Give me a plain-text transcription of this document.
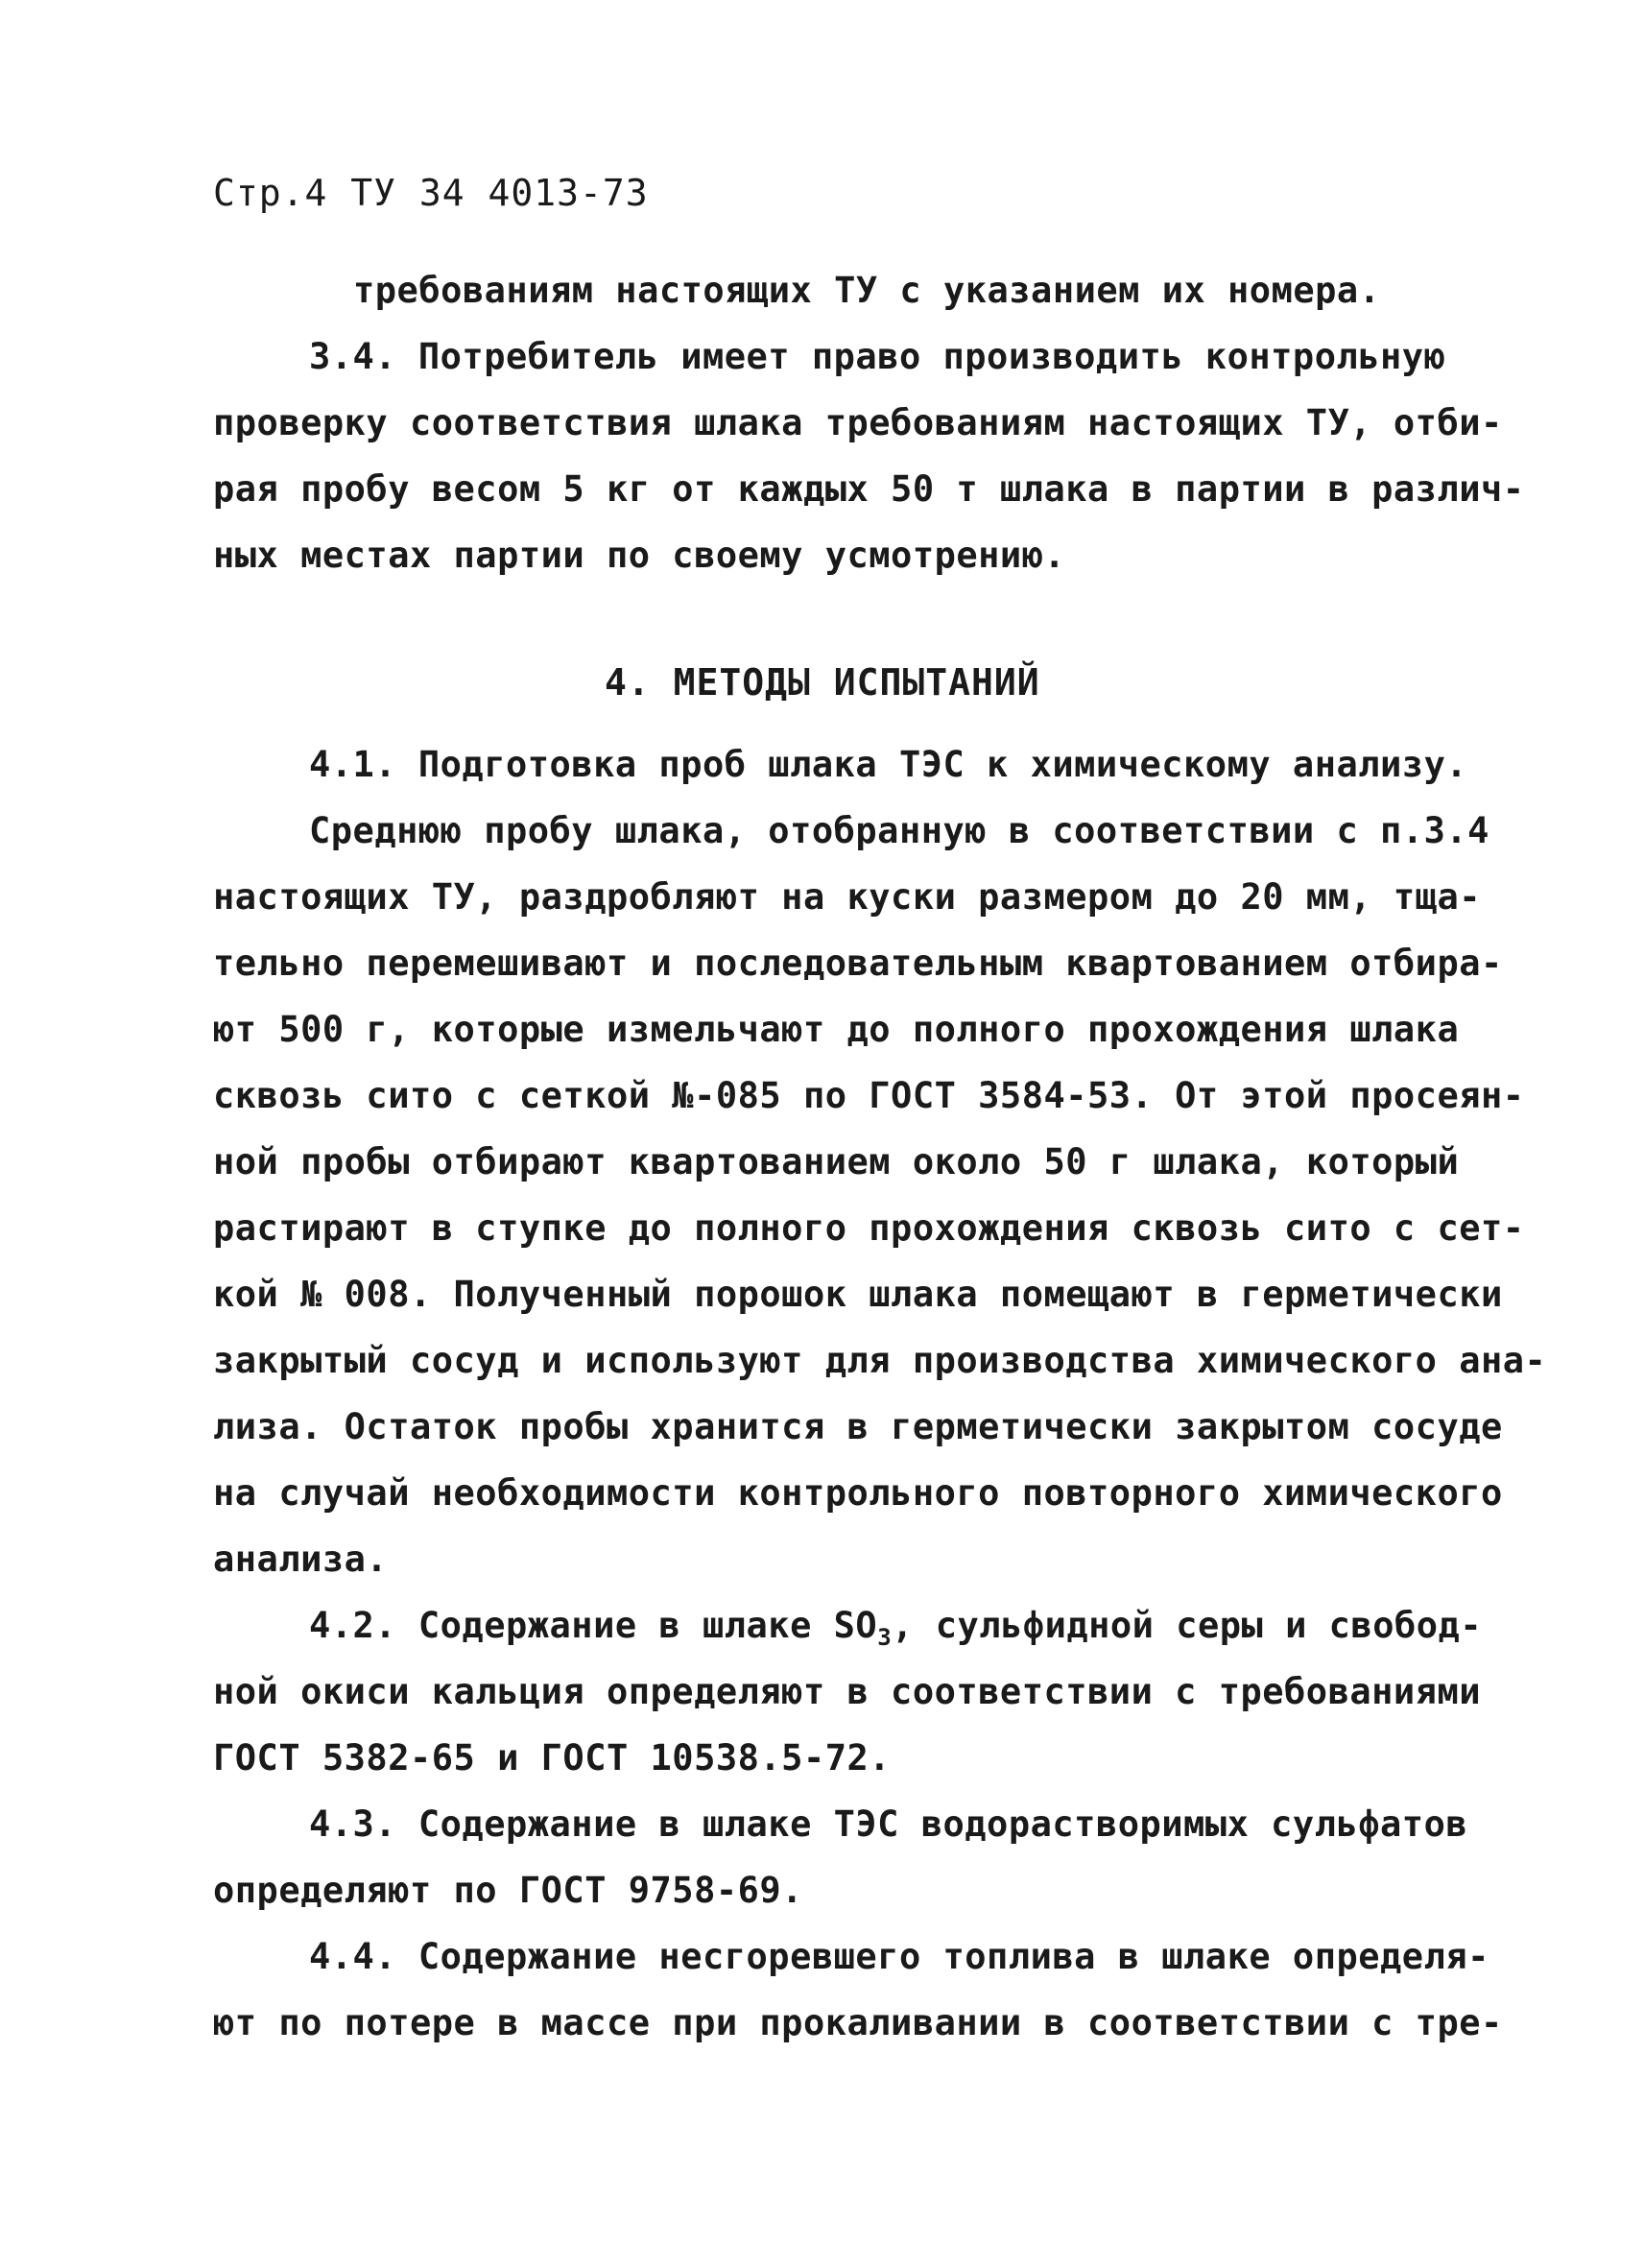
Стр.4 ТУ 34 4013-73
требованиям настоящих ТУ с указанием их номера.
3.4. Потребитель имеет право производить контрольную
проверку соответствия шлака требованиям настоящих ТУ, отби-
рая пробу весом 5 кг от каждых 50 т шлака в партии в различ-
ных местах партии по своему усмотрению.
4. МЕТОДЫ ИСПЫТАНИЙ
4.1. Подготовка проб шлака ТЭС к химическому анализу.
Среднюю пробу шлака, отобранную в соответствии с п.3.4
настоящих ТУ, раздробляют на куски размером до 20 мм, тща-
тельно перемешивают и последовательным квартованием отбира-
ют 500 г, которые измельчают до полного прохождения шлака
сквозь сито с сеткой №-085 по ГОСТ 3584-53. От этой просеян-
ной пробы отбирают квартованием около 50 г шлака, который
растирают в ступке до полного прохождения сквозь сито с сет-
кой № 008. Полученный порошок шлака помещают в герметически
закрытый сосуд и используют для производства химического ана-
лиза. Остаток пробы хранится в герметически закрытом сосуде
на случай необходимости контрольного повторного химического
анализа.
4.2. Содержание в шлаке $SO_3$, сульфидной серы и свобод-
ной окиси кальция определяют в соответствии с требованиями
ГОСТ 5382-65 и ГОСТ 10538.5-72.
4.3. Содержание в шлаке ТЭС водорастворимых сульфатов
определяют по ГОСТ 9758-69.
4.4. Содержание несгоревшего топлива в шлаке определя-
ют по потере в массе при прокаливании в соответствии с тре-
